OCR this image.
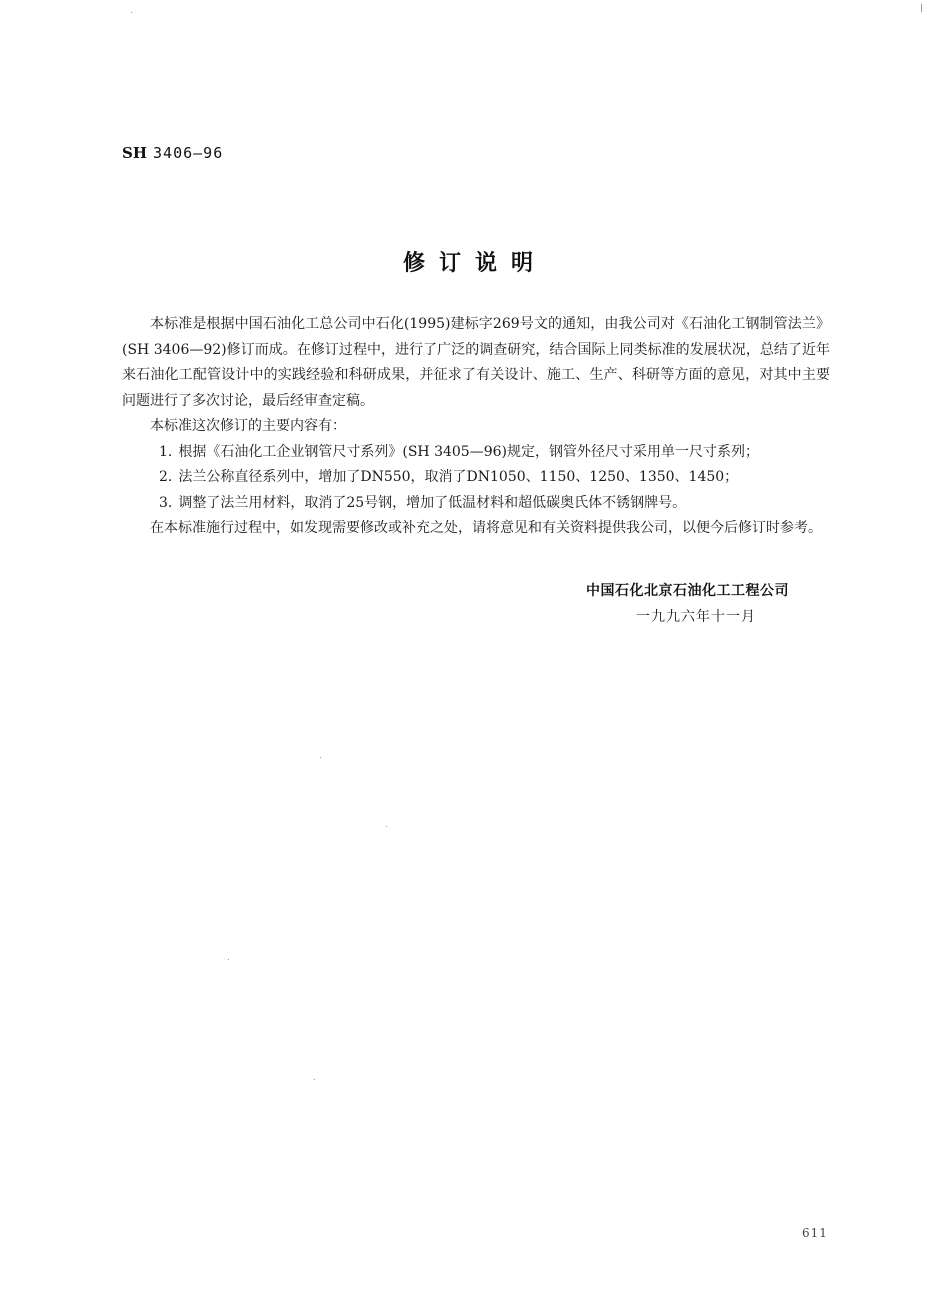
SH 3406—96
修订说明

本标准是根据中国石油化工总公司中石化(1995)建标字269号文的通知，由我公司对《石油化工钢制管法兰》(SH 3406—92)修订而成。在修订过程中，进行了广泛的调查研究，结合国际上同类标准的发展状况，总结了近年来石油化工配管设计中的实践经验和科研成果，并征求了有关设计、施工、生产、科研等方面的意见，对其中主要问题进行了多次讨论，最后经审查定稿。

本标准这次修订的主要内容有：

1. 根据《石油化工企业钢管尺寸系列》(SH 3405—96)规定，钢管外径尺寸采用单一尺寸系列；

2. 法兰公称直径系列中，增加了DN550，取消了DN1050、1150、1250、1350、1450；

3. 调整了法兰用材料，取消了25号钢，增加了低温材料和超低碳奥氏体不锈钢牌号。

在本标准施行过程中，如发现需要修改或补充之处，请将意见和有关资料提供我公司，以便今后修订时参考。

中国石化北京石油化工工程公司
一九九六年十一月
611
